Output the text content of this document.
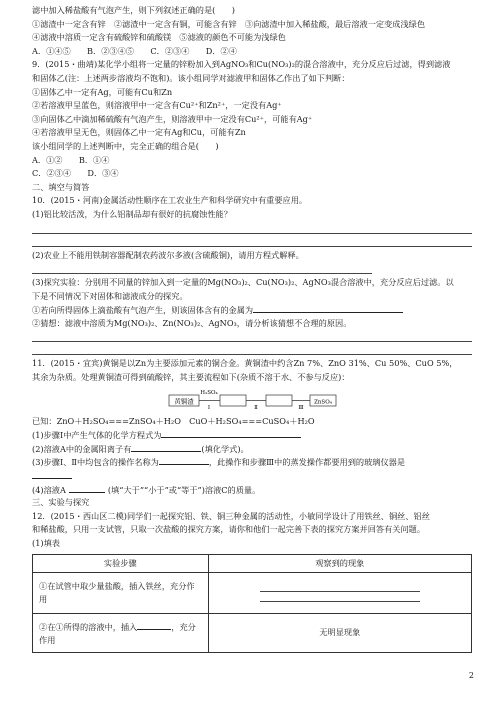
滤中加入稀盐酸有气泡产生，则下列叙述正确的是(　　)
①滤渣中一定含有锌　②滤渣中一定含有铜，可能含有锌　③向滤渣中加入稀盐酸，最后溶液一定变成浅绿色
④滤液中溶质一定含有硫酸锌和硫酸镁　⑤滤液的颜色不可能为浅绿色
A．①④⑤　　B．②③④⑤　　C．②③④　　D．②④
9．(2015・曲靖)某化学小组将一定量的锌粉加入到AgNO₃和Cu(NO₃)₂的混合溶液中，充分反应后过滤，得到滤液
和固体乙(注：上述两步溶液均不饱和)。该小组同学对滤液甲和固体乙作出了如下判断：
①固体乙中一定有Ag，可能有Cu和Zn
②若溶液甲呈蓝色，则溶液甲中一定含有Cu²⁺和Zn²⁺，一定没有Ag⁺
③向固体乙中滴加稀硫酸有气泡产生，则溶液甲中一定没有Cu²⁺，可能有Ag⁺
④若溶液甲呈无色，则固体乙中一定有Ag和Cu，可能有Zn
该小组同学的上述判断中，完全正确的组合是(　　)
A．①②　　B．①④
C．②③④　　D．③④
二、填空与简答
10．(2015・河南)金属活动性顺序在工农业生产和科学研究中有重要应用。
(1)铝比较活泼，为什么铝制品却有很好的抗腐蚀性能？
(2)农业上不能用铁制容器配制农药波尔多液(含硫酸铜)，请用方程式解释。
(3)探究实验：分别用不同量的锌加入到一定量的Mg(NO₃)₂、Cu(NO₃)₂、AgNO₃混合溶液中，充分反应后过滤。以
下是不同情况下对固体和滤液成分的探究。
①若向所得固体上滴盐酸有气泡产生，则该固体含有的金属为
②猜想：滤液中溶质为Mg(NO₃)₂、Zn(NO₃)₂、AgNO₃，请分析该猜想不合理的原因。
11．(2015・宜宾)黄铜是以Zn为主要添加元素的铜合金。黄铜渣中约含Zn 7%、ZnO 31%、Cu 50%、CuO 5%，
其余为杂质。处理黄铜渣可得到硫酸锌，其主要流程如下(杂质不溶于水、不参与反应)：
黄铜渣
H₂SO₄
Ⅰ	Ⅱ	Ⅲ
ZnSO₄
已知：ZnO＋H₂SO₄===ZnSO₄＋H₂O　CuO＋H₂SO₄===CuSO₄＋H₂O
(1)步骤Ⅰ中产生气体的化学方程式为
(2)溶液A中的金属阳离子有	(填化学式)。
(3)步骤Ⅰ、Ⅱ中均包含的操作名称为	，此操作和步骤Ⅲ中的蒸发操作都要用到的玻璃仪器是
(4)溶液A	(填“大于”“小于”或“等于”)溶液C的质量。
三、实验与探究
12．(2015・西山区二模)同学们一起探究铝、铁、铜三种金属的活动性，小敏同学设计了用铁丝、铜丝、铝丝
和稀盐酸，只用一支试管，只取一次盐酸的探究方案，请你和他们一起完善下表的探究方案并回答有关问题。
(1)填表
实验步骤	观察到的现象
①在试管中取少量盐酸，插入铁丝，充分作用	

②在①所得的溶液中，插入 ，充分作用	无明显现象
2
